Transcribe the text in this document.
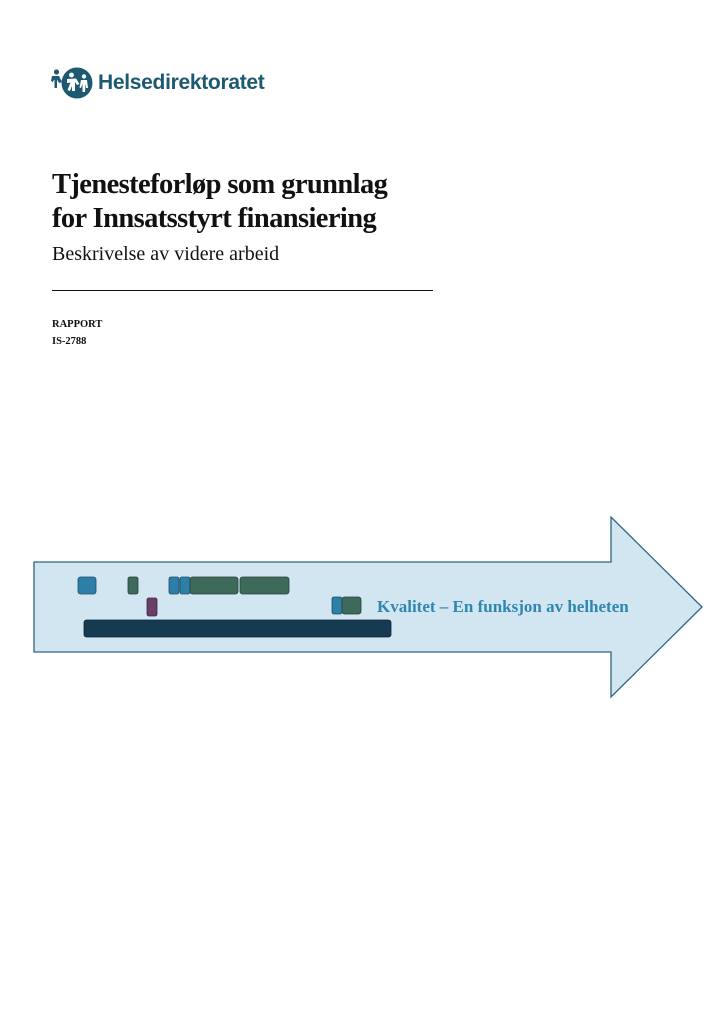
Helsedirektoratet
Tjenesteforløp som grunnlag
for Innsatsstyrt finansiering

Beskrivelse av videre arbeid

RAPPORT
IS-2788
Kvalitet – En funksjon av helheten
